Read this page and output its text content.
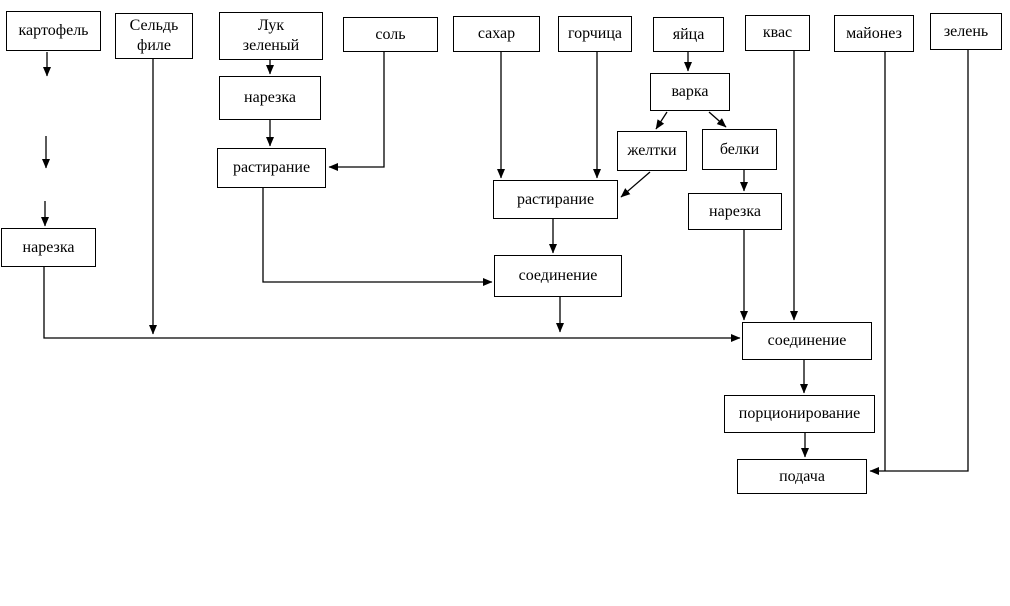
картофель	Сельдь
филе
Лук
зеленый
соль	сахар	горчица	яйца	квас	майонез	зелень
нарезка
растирание
варка
желтки	белки
нарезка
растирание
нарезка
соединение
соединение
порционирование
подача
